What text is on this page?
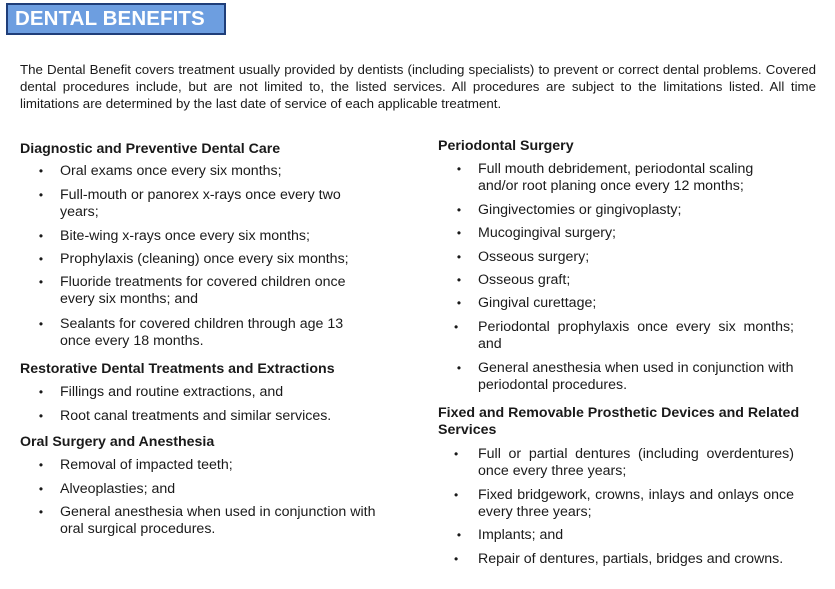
DENTAL BENEFITS

The Dental Benefit covers treatment usually provided by dentists (including specialists) to prevent or correct dental problems. Covered dental procedures include, but are not limited to, the listed services. All procedures are subject to the limitations listed. All time limitations are determined by the last date of service of each applicable treatment.

Diagnostic and Preventive Dental Care
• Oral exams once every six months;
• Full-mouth or panorex x-rays once every two years;
• Bite-wing x-rays once every six months;
• Prophylaxis (cleaning) once every six months;
• Fluoride treatments for covered children once every six months; and
• Sealants for covered children through age 13 once every 18 months.
Restorative Dental Treatments and Extractions
• Fillings and routine extractions, and
• Root canal treatments and similar services.
Oral Surgery and Anesthesia
• Removal of impacted teeth;
• Alveoplasties; and
• General anesthesia when used in conjunction with oral surgical procedures.
Periodontal Surgery
• Full mouth debridement, periodontal scaling and/or root planing once every 12 months;
• Gingivectomies or gingivoplasty;
• Mucogingival surgery;
• Osseous surgery;
• Osseous graft;
• Gingival curettage;
•	Periodontal prophylaxis once every six months; and
• General anesthesia when used in conjunction with periodontal procedures.
Fixed and Removable Prosthetic Devices and Related Services
•	Full or partial dentures (including overdentures) once every three years;
•	Fixed bridgework, crowns, inlays and onlays once every three years;
• Implants; and
•	Repair of dentures, partials, bridges and crowns.
